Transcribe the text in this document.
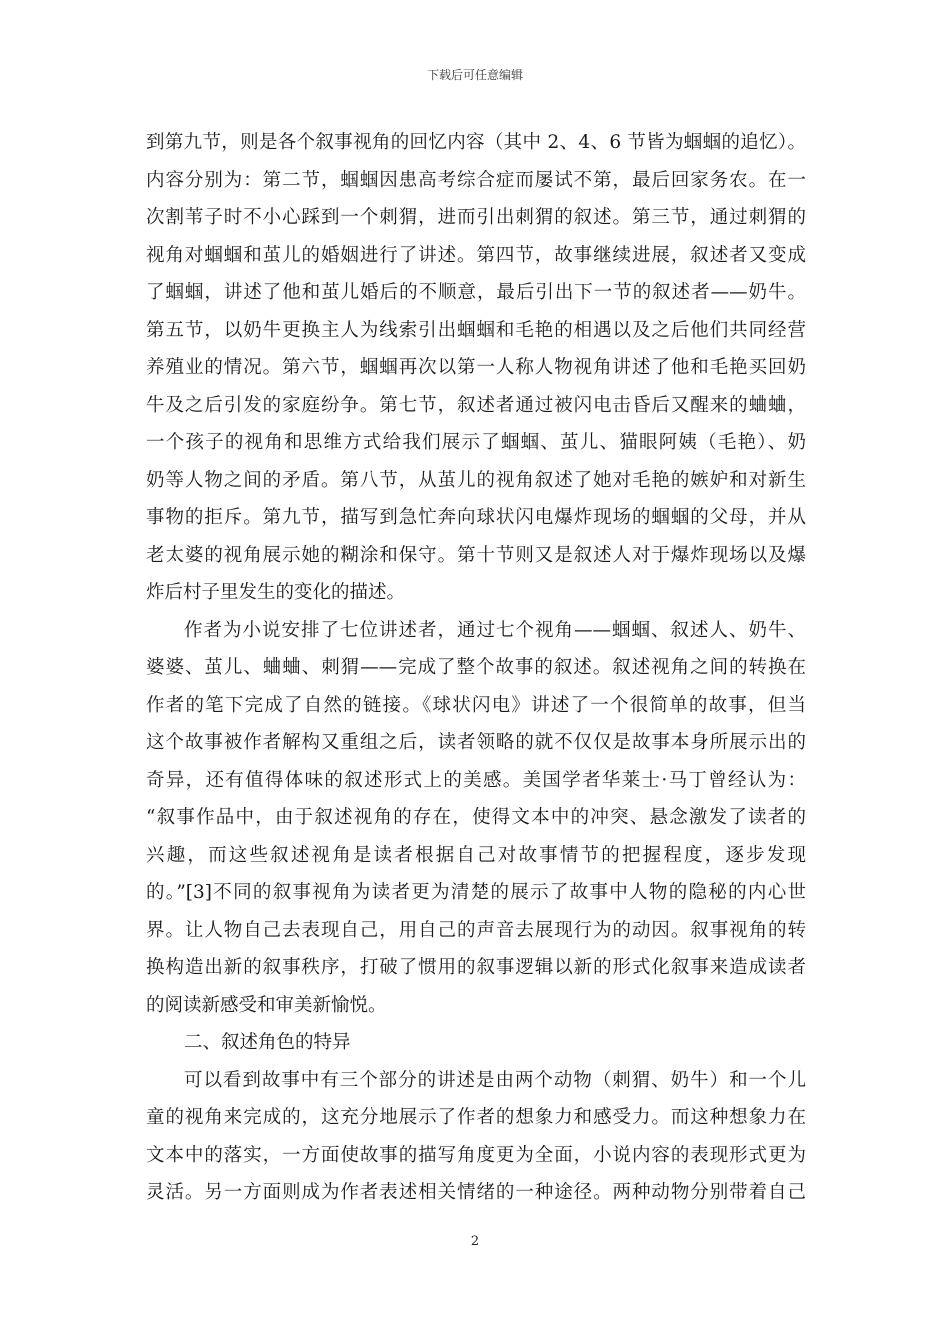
下载后可任意编辑
到第九节，则是各个叙事视角的回忆内容（其中 2、4、6 节皆为蝈蝈的追忆）。
内容分别为：第二节，蝈蝈因患高考综合症而屡试不第，最后回家务农。在一
次割苇子时不小心踩到一个刺猬，进而引出刺猬的叙述。第三节，通过刺猬的
视角对蝈蝈和茧儿的婚姻进行了讲述。第四节，故事继续进展，叙述者又变成
了蝈蝈，讲述了他和茧儿婚后的不顺意，最后引出下一节的叙述者——奶牛。
第五节，以奶牛更换主人为线索引出蝈蝈和毛艳的相遇以及之后他们共同经营
养殖业的情况。第六节，蝈蝈再次以第一人称人物视角讲述了他和毛艳买回奶
牛及之后引发的家庭纷争。第七节，叙述者通过被闪电击昏后又醒来的蛐蛐，
一个孩子的视角和思维方式给我们展示了蝈蝈、茧儿、猫眼阿姨（毛艳）、奶
奶等人物之间的矛盾。第八节，从茧儿的视角叙述了她对毛艳的嫉妒和对新生
事物的拒斥。第九节，描写到急忙奔向球状闪电爆炸现场的蝈蝈的父母，并从
老太婆的视角展示她的糊涂和保守。第十节则又是叙述人对于爆炸现场以及爆
炸后村子里发生的变化的描述。
作者为小说安排了七位讲述者，通过七个视角——蝈蝈、叙述人、奶牛、
婆婆、茧儿、蛐蛐、刺猬——完成了整个故事的叙述。叙述视角之间的转换在
作者的笔下完成了自然的链接。《球状闪电》讲述了一个很简单的故事，但当
这个故事被作者解构又重组之后，读者领略的就不仅仅是故事本身所展示出的
奇异，还有值得体味的叙述形式上的美感。美国学者华莱士·马丁曾经认为：
“叙事作品中，由于叙述视角的存在，使得文本中的冲突、悬念激发了读者的
兴趣，而这些叙述视角是读者根据自己对故事情节的把握程度，逐步发现
的。”[3]不同的叙事视角为读者更为清楚的展示了故事中人物的隐秘的内心世
界。让人物自己去表现自己，用自己的声音去展现行为的动因。叙事视角的转
换构造出新的叙事秩序，打破了惯用的叙事逻辑以新的形式化叙事来造成读者
的阅读新感受和审美新愉悦。
二、叙述角色的特异
可以看到故事中有三个部分的讲述是由两个动物（刺猬、奶牛）和一个儿
童的视角来完成的，这充分地展示了作者的想象力和感受力。而这种想象力在
文本中的落实，一方面使故事的描写角度更为全面，小说内容的表现形式更为
灵活。另一方面则成为作者表述相关情绪的一种途径。两种动物分别带着自己
2
